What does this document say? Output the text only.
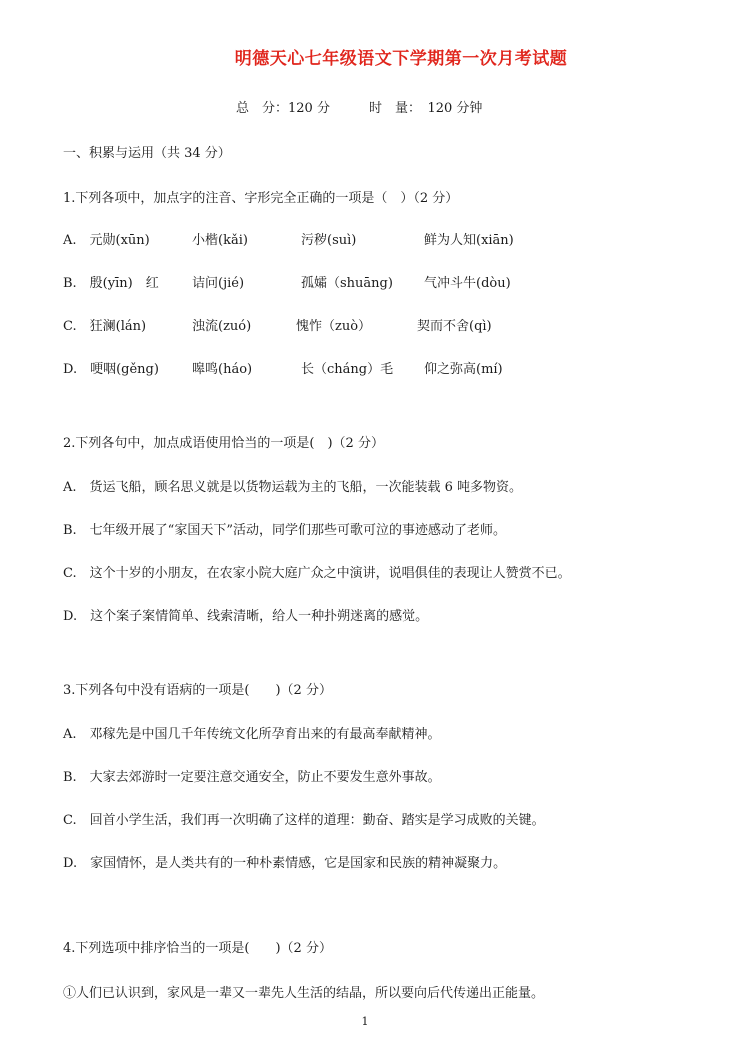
明德天心七年级语文下学期第一次月考试题
总　分：120 分　　　时　量：　120 分钟
一、积累与运用（共 34 分）
1.下列各项中，加点字的注音、字形完全正确的一项是（　）（2 分）
A.　元勋(xūn)	小楷(kǎi)	污秽(suì)	鲜为人知(xiān)
B.　殷(yīn)　红	诘问(jié)	孤孀（shuāng) 气冲斗牛(dòu)
C.　狂澜(lán)	浊流(zuó)	愧怍（zuò）	契而不舍(qì)
D.　哽咽(gěng)	嗥鸣(háo)	长（cháng）毛 仰之弥高(mí)
2.下列各句中，加点成语使用恰当的一项是(　)（2 分）
A.　货运飞船，顾名思义就是以货物运载为主的飞船，一次能装载 6 吨多物资。
B.　七年级开展了“家国天下”活动，同学们那些可歌可泣的事迹感动了老师。
C.　这个十岁的小朋友，在农家小院大庭广众之中演讲，说唱俱佳的表现让人赞赏不已。
D.　这个案子案情简单、线索清晰，给人一种扑朔迷离的感觉。
3.下列各句中没有语病的一项是(　　)（2 分）
A.　邓稼先是中国几千年传统文化所孕育出来的有最高奉献精神。
B.　大家去郊游时一定要注意交通安全，防止不要发生意外事故。
C.　回首小学生活，我们再一次明确了这样的道理：勤奋、踏实是学习成败的关键。
D.　家国情怀，是人类共有的一种朴素情感，它是国家和民族的精神凝聚力。
4.下列选项中排序恰当的一项是(　　)（2 分）
①人们已认识到，家风是一辈又一辈先人生活的结晶，所以要向后代传递出正能量。
1
